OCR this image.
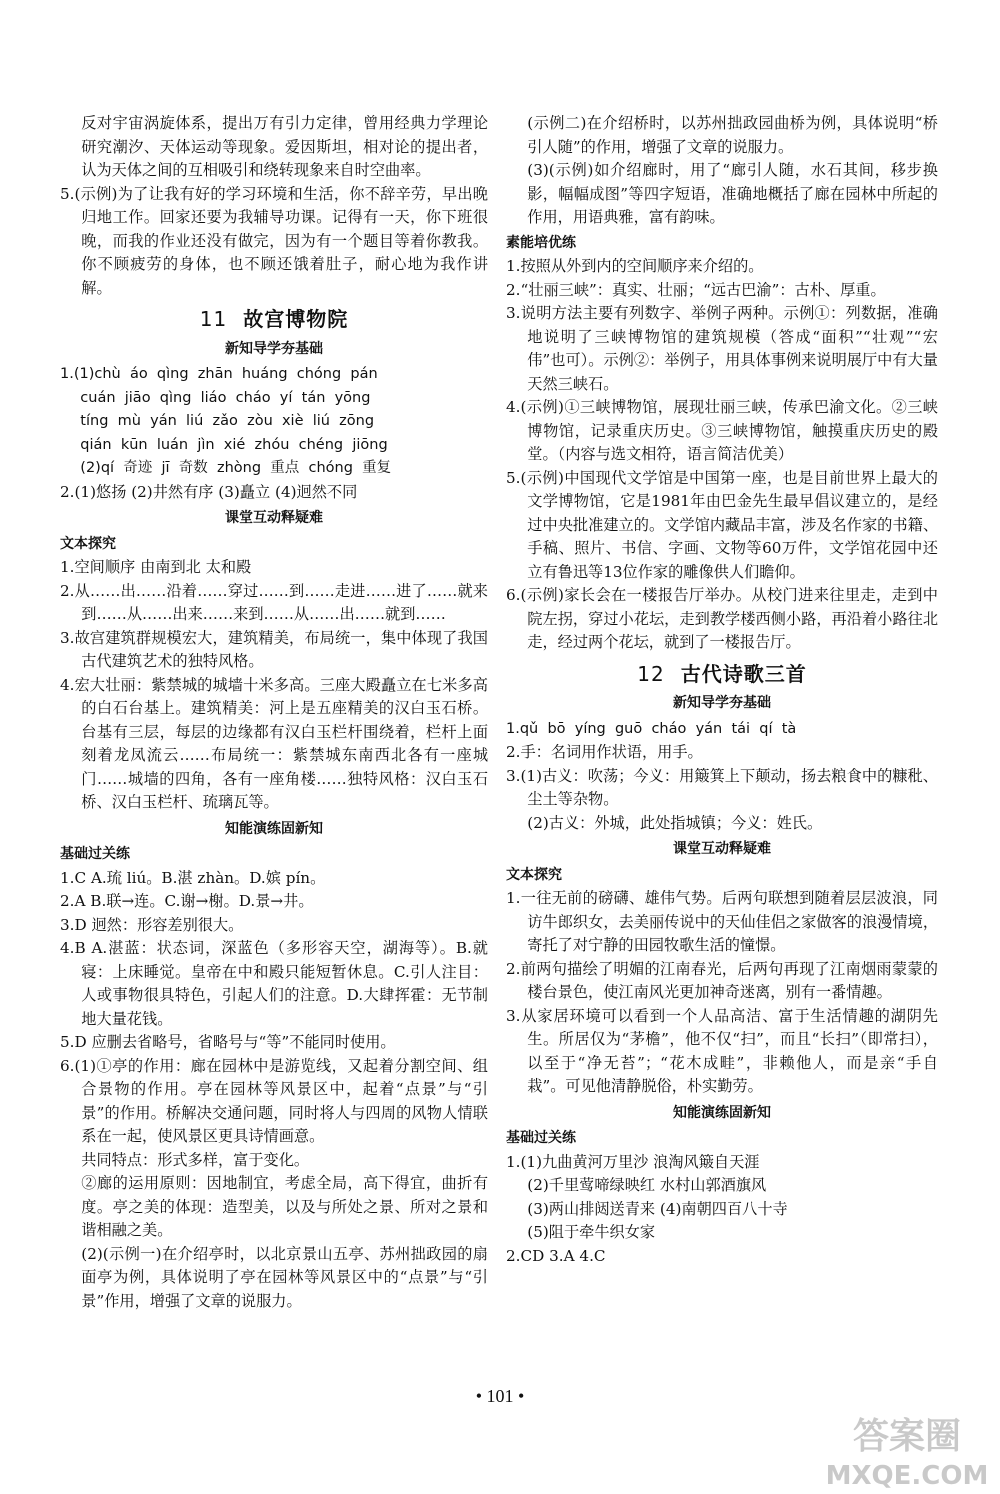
反对宇宙涡旋体系，提出万有引力定律，曾用经典力学理论研究潮汐、天体运动等现象。爱因斯坦，相对论的提出者，认为天体之间的互相吸引和绕转现象来自时空曲率。

5.(示例)为了让我有好的学习环境和生活，你不辞辛劳，早出晚归地工作。回家还要为我辅导功课。记得有一天，你下班很晚，而我的作业还没有做完，因为有一个题目等着你教我。你不顾疲劳的身体，也不顾还饿着肚子，耐心地为我作讲解。

11 故宫博物院
新知导学夯基础
1.(1)chù  áo  qìng  zhān  huáng  chóng  pán
cuán  jiāo  qìng  liáo  cháo  yí  tán  yōng
tíng  mù  yán  liú  zǎo  zòu  xiè  liú  zōng
qián  kūn  luán  jìn  xié  zhóu  chéng  jiōng
(2)qí  奇迹  jī  奇数  zhòng  重点  chóng  重复

2.(1)悠扬 (2)井然有序 (3)矗立 (4)迥然不同

课堂互动释疑难
文本探究

1.空间顺序 由南到北 太和殿

2.从……出……沿着……穿过……到……走进……进了……就来到……从……出来……来到……从……出……就到……

3.故宫建筑群规模宏大，建筑精美，布局统一，集中体现了我国古代建筑艺术的独特风格。

4.宏大壮丽：紫禁城的城墙十米多高。三座大殿矗立在七米多高的白石台基上。建筑精美：河上是五座精美的汉白玉石桥。台基有三层，每层的边缘都有汉白玉栏杆围绕着，栏杆上面刻着龙凤流云……布局统一：紫禁城东南西北各有一座城门……城墙的四角，各有一座角楼……独特风格：汉白玉石桥、汉白玉栏杆、琉璃瓦等。

知能演练固新知
基础过关练

1.C A.琉 liú。B.湛 zhàn。D.嫔 pín。

2.A B.联→连。C.谢→榭。D.景→井。

3.D 迥然：形容差别很大。

4.B A.湛蓝：状态词，深蓝色（多形容天空，湖海等）。B.就寝：上床睡觉。皇帝在中和殿只能短暂休息。C.引人注目：人或事物很具特色，引起人们的注意。D.大肆挥霍：无节制地大量花钱。

5.D 应删去省略号，省略号与“等”不能同时使用。

6.(1)①亭的作用：廊在园林中是游览线，又起着分割空间、组合景物的作用。亭在园林等风景区中，起着“点景”与“引景”的作用。桥解决交通问题，同时将人与四周的风物人情联系在一起，使风景区更具诗情画意。

共同特点：形式多样，富于变化。

②廊的运用原则：因地制宜，考虑全局，高下得宜，曲折有度。亭之美的体现：造型美，以及与所处之景、所对之景和谐相融之美。

(2)(示例一)在介绍亭时，以北京景山五亭、苏州拙政园的扇面亭为例，具体说明了亭在园林等风景区中的“点景”与“引景”作用，增强了文章的说服力。

(示例二)在介绍桥时，以苏州拙政园曲桥为例，具体说明“桥引人随”的作用，增强了文章的说服力。

(3)(示例)如介绍廊时，用了“廊引人随，水石其间，移步换影，幅幅成图”等四字短语，准确地概括了廊在园林中所起的作用，用语典雅，富有韵味。

素能培优练

1.按照从外到内的空间顺序来介绍的。

2.“壮丽三峡”：真实、壮丽；“远古巴渝”：古朴、厚重。

3.说明方法主要有列数字、举例子两种。示例①：列数据，准确地说明了三峡博物馆的建筑规模（答成“面积”“壮观”“宏伟”也可）。示例②：举例子，用具体事例来说明展厅中有大量天然三峡石。

4.(示例)①三峡博物馆，展现壮丽三峡，传承巴渝文化。②三峡博物馆，记录重庆历史。③三峡博物馆，触摸重庆历史的殿堂。（内容与选文相符，语言简洁优美）

5.(示例)中国现代文学馆是中国第一座，也是目前世界上最大的文学博物馆，它是1981年由巴金先生最早倡议建立的，是经过中央批准建立的。文学馆内藏品丰富，涉及名作家的书籍、手稿、照片、书信、字画、文物等60万件，文学馆花园中还立有鲁迅等13位作家的雕像供人们瞻仰。

6.(示例)家长会在一楼报告厅举办。从校门进来往里走，走到中院左拐，穿过小花坛，走到教学楼西侧小路，再沿着小路往北走，经过两个花坛，就到了一楼报告厅。

12 古代诗歌三首
新知导学夯基础
1.qǔ  bō  yíng  guō  cháo  yán  tái  qí  tà

2.手：名词用作状语，用手。

3.(1)古义：吹荡；今义：用簸箕上下颠动，扬去粮食中的糠秕、尘土等杂物。

(2)古义：外城，此处指城镇；今义：姓氏。

课堂互动释疑难
文本探究

1.一往无前的磅礴、雄伟气势。后两句联想到随着层层波浪，同访牛郎织女，去美丽传说中的天仙佳侣之家做客的浪漫情境，寄托了对宁静的田园牧歌生活的憧憬。

2.前两句描绘了明媚的江南春光，后两句再现了江南烟雨蒙蒙的楼台景色，使江南风光更加神奇迷离，别有一番情趣。

3.从家居环境可以看到一个人品高洁、富于生活情趣的湖阴先生。所居仅为“茅檐”，他不仅“扫”，而且“长扫”（即常扫），以至于“净无苔”；“花木成畦”，非赖他人，而是亲“手自栽”。可见他清静脱俗，朴实勤劳。

知能演练固新知
基础过关练

1.(1)九曲黄河万里沙 浪淘风簸自天涯

(2)千里莺啼绿映红 水村山郭酒旗风

(3)两山排闼送青来 (4)南朝四百八十寺

(5)阻于牵牛织女家

2.CD 3.A 4.C

• 101 •
答案圈
MXQE.COM
